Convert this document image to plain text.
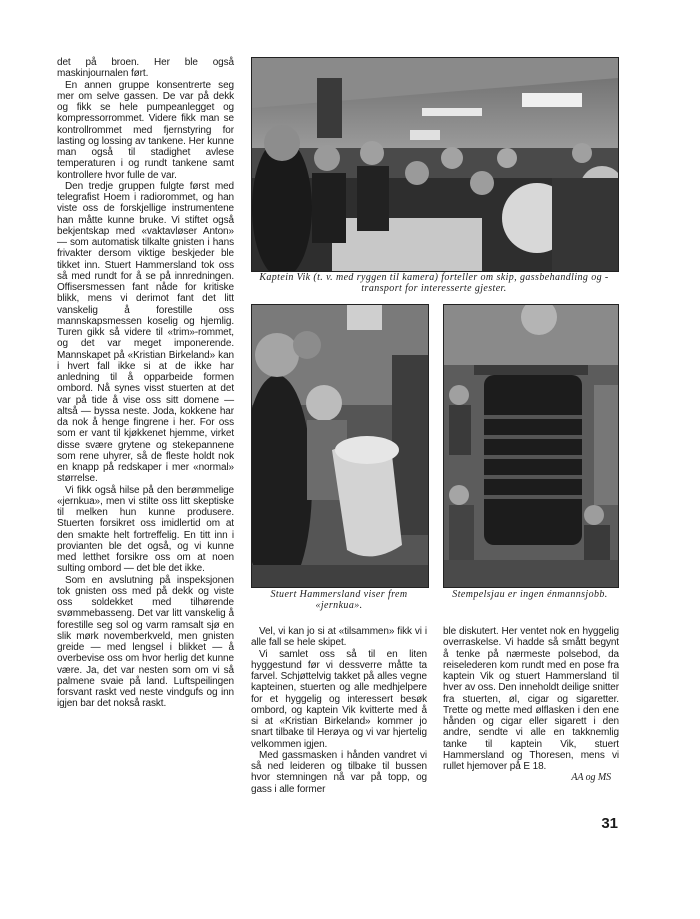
det på broen. Her ble også maskinjournalen ført.

En annen gruppe konsentrerte seg mer om selve gassen. De var på dekk og fikk se hele pumpeanlegget og kompressorrommet. Videre fikk man se kontrollrommet med fjernstyring for lasting og lossing av tankene. Her kunne man også til stadighet avlese temperaturen i og rundt tankene samt kontrollere hvor fulle de var.

Den tredje gruppen fulgte først med telegrafist Hoem i radiorommet, og han viste oss de forskjellige instrumentene han måtte kunne bruke. Vi stiftet også bekjentskap med «vaktavløser Anton» — som automatisk tilkalte gnisten i hans frivakter dersom viktige beskjeder ble tikket inn. Stuert Hammersland tok oss så med rundt for å se på innredningen. Offisersmessen fant nåde for kritiske blikk, mens vi derimot fant det litt vanskelig å forestille oss mannskapsmessen koselig og hjemlig. Turen gikk så videre til «trim»-rommet, og det var meget imponerende. Mannskapet på «Kristian Birkeland» kan i hvert fall ikke si at de ikke har anledning til å opparbeide formen ombord. Nå synes visst stuerten at det var på tide å vise oss sitt domene — altså — byssa neste. Joda, kokkene har da nok å henge fingrene i her. For oss som er vant til kjøkkenet hjemme, virket disse svære grytene og stekepannene som rene uhyrer, så de fleste holdt nok en knapp på redskaper i mer «normal» størrelse.

Vi fikk også hilse på den berømmelige «jernkua», men vi stilte oss litt skeptiske til melken hun kunne produsere. Stuerten forsikret oss imidlertid om at den smakte helt fortreffelig. En titt inn i provianten ble det også, og vi kunne med letthet forsikre oss om at noen sulting ombord — det ble det ikke.

Som en avslutning på inspeksjonen tok gnisten oss med på dekk og viste oss soldekket med tilhørende svømmebasseng. Det var litt vanskelig å forestille seg sol og varm ramsalt sjø en slik mørk novemberkveld, men gnisten greide — med lengsel i blikket — å overbevise oss om hvor herlig det kunne være. Ja, det var nesten som om vi så palmene svaie på land. Luftspeilingen forsvant raskt ved neste vindgufs og inn igjen bar det nokså raskt.

Kaptein Vik (t. v. med ryggen til kamera) forteller om skip, gassbehandling og -transport for interesserte gjester.
Stuert Hammersland viser frem «jernkua».
Stempelsjau er ingen énmannsjobb.

Vel, vi kan jo si at «tilsammen» fikk vi i alle fall se hele skipet.

Vi samlet oss så til en liten hyggestund før vi dessverre måtte ta farvel. Schjøttelvig takket på alles vegne kapteinen, stuerten og alle medhjelpere for et hyggelig og interessert besøk ombord, og kaptein Vik kvitterte med å si at «Kristian Birkeland» kommer jo snart tilbake til Herøya og vi var hjertelig velkommen igjen.

Med gassmasken i hånden vandret vi så ned leideren og tilbake til bussen hvor stemningen nå var på topp, og gass i alle former

ble diskutert. Her ventet nok en hyggelig overraskelse. Vi hadde så smått begynt å tenke på nærmeste polsebod, da reiselederen kom rundt med en pose fra kaptein Vik og stuert Hammersland til hver av oss. Den inneholdt deilige snitter fra stuerten, øl, cigar og sigaretter. Trette og mette med ølflasken i den ene hånden og cigar eller sigarett i den andre, sendte vi alle en takknemlig tanke til kaptein Vik, stuert Hammersland og Thoresen, mens vi rullet hjemover på E 18.

AA og MS
31
